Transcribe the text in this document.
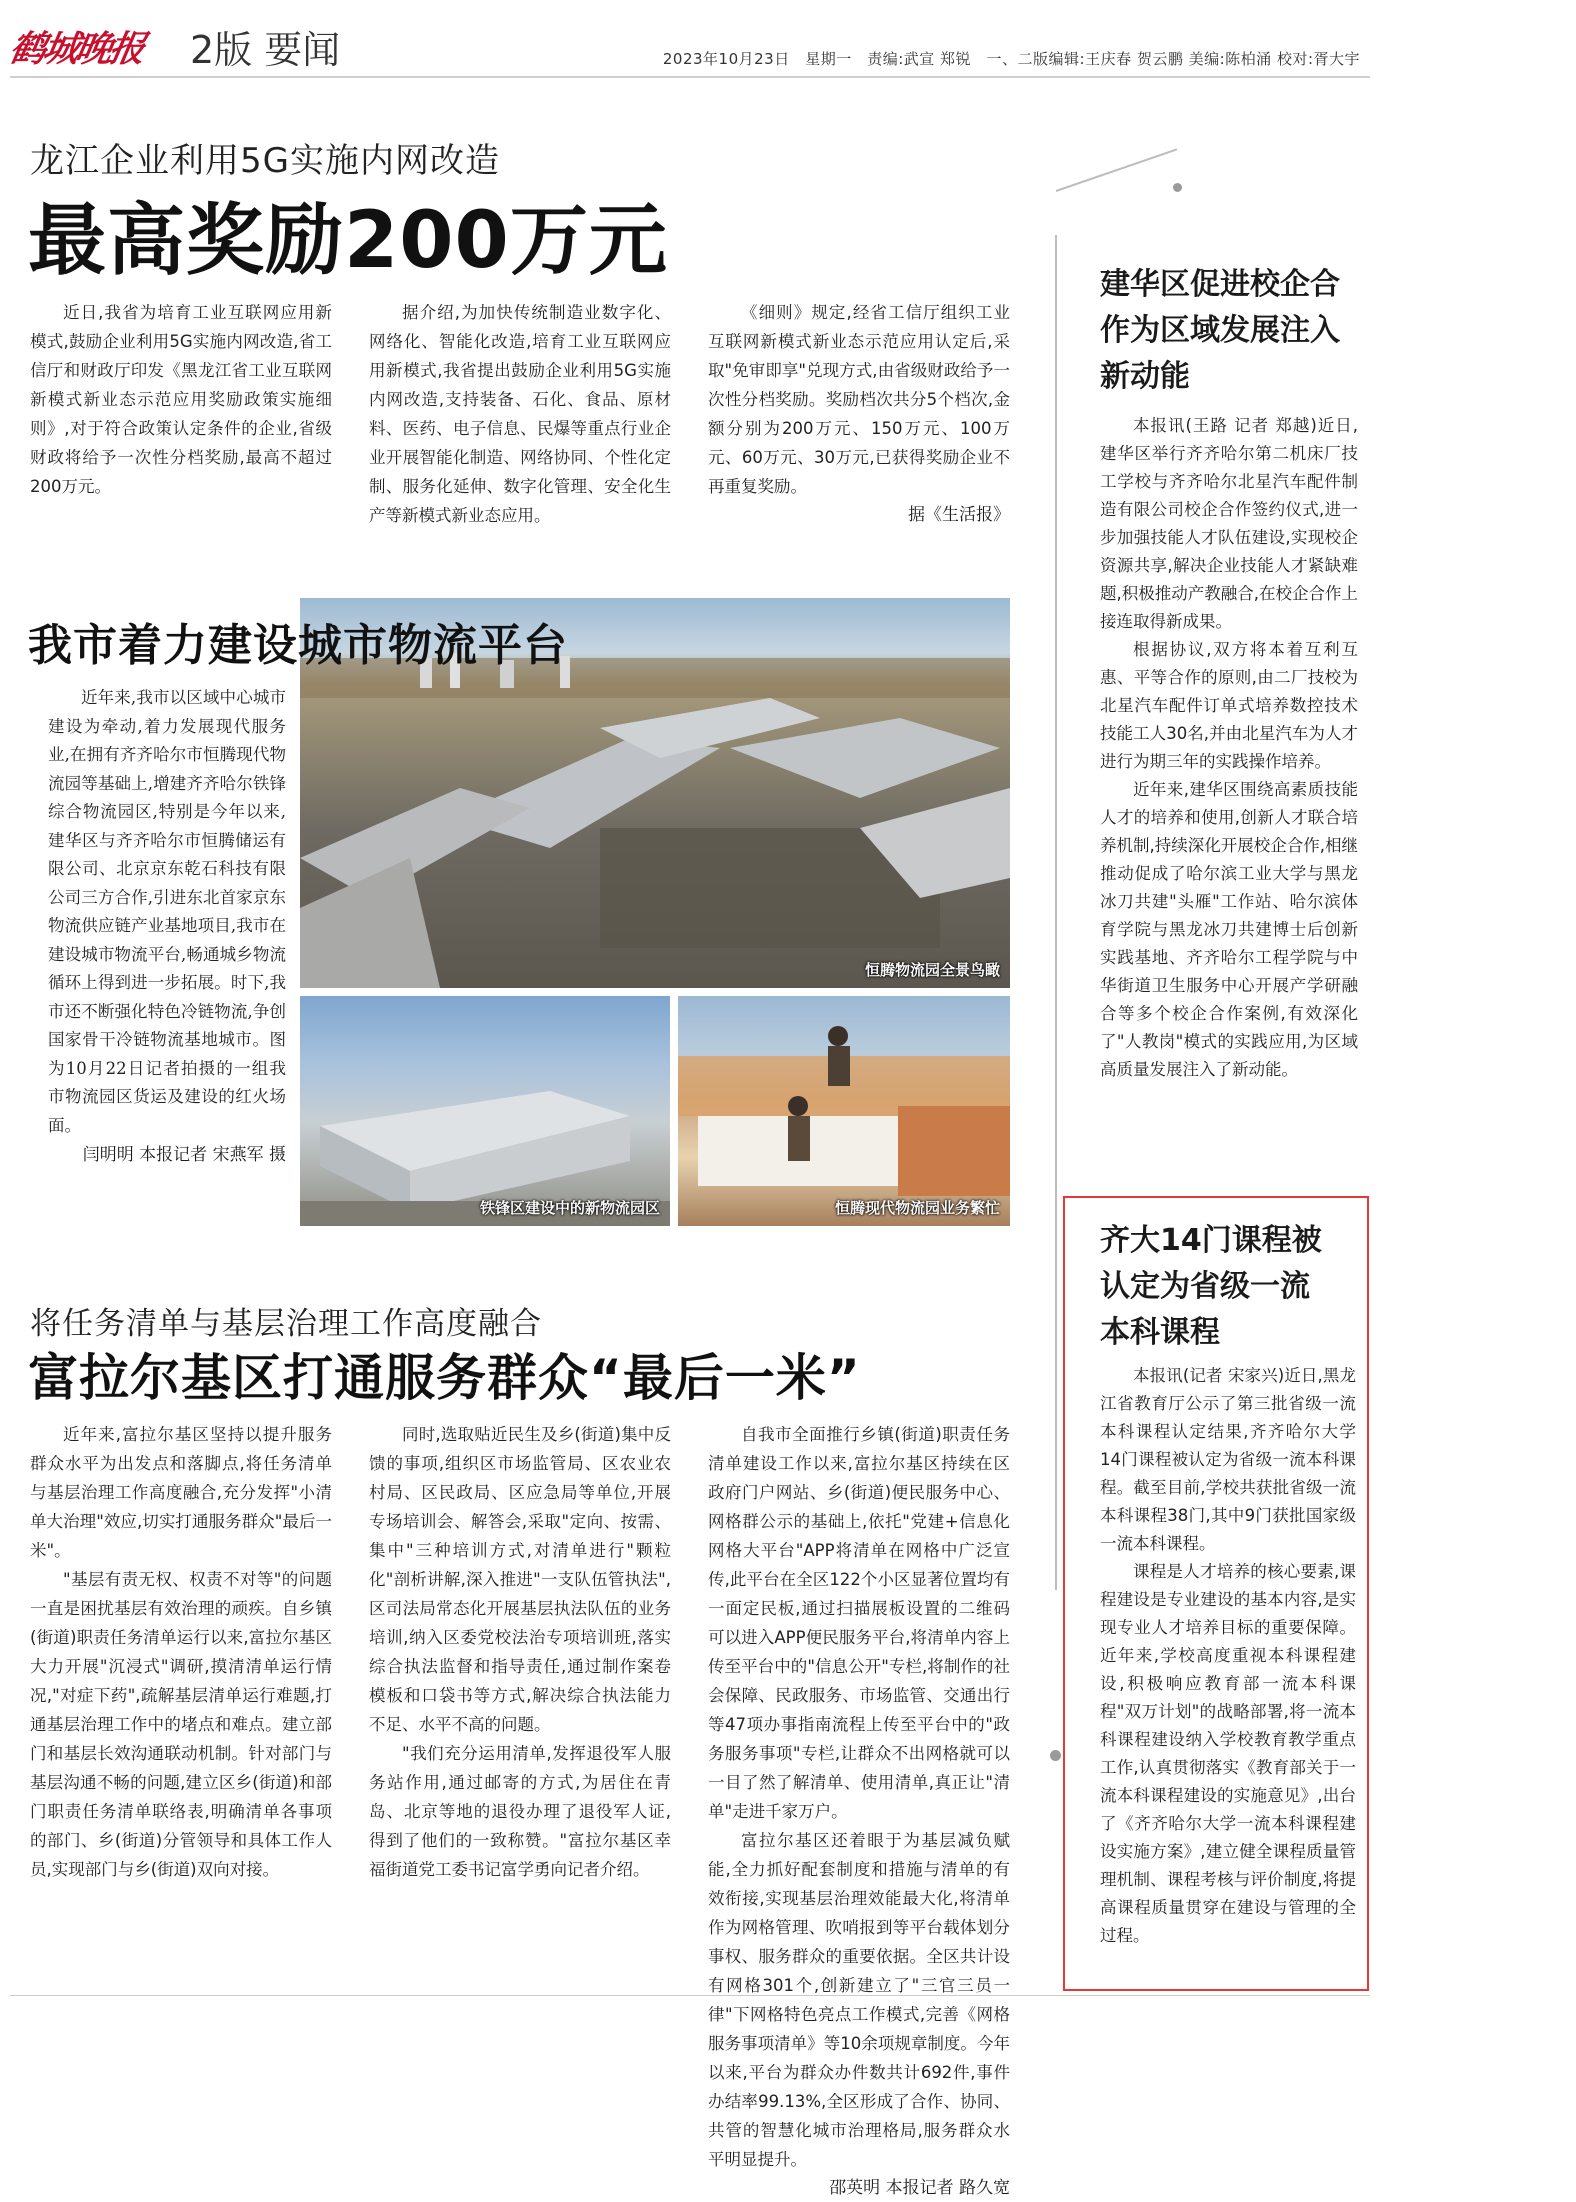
鹤城晚报	2版 要闻	2023年10月23日　星期一　责编:武宣 郑锐　一、二版编辑:王庆春 贺云鹏 美编:陈柏涌 校对:胥大宇
龙江企业利用5G实施内网改造
最高奖励200万元

近日,我省为培育工业互联网应用新模式,鼓励企业利用5G实施内网改造,省工信厅和财政厅印发《黑龙江省工业互联网新模式新业态示范应用奖励政策实施细则》,对于符合政策认定条件的企业,省级财政将给予一次性分档奖励,最高不超过200万元。

据介绍,为加快传统制造业数字化、网络化、智能化改造,培育工业互联网应用新模式,我省提出鼓励企业利用5G实施内网改造,支持装备、石化、食品、原材料、医药、电子信息、民爆等重点行业企业开展智能化制造、网络协同、个性化定制、服务化延伸、数字化管理、安全化生产等新模式新业态应用。

《细则》规定,经省工信厅组织工业互联网新模式新业态示范应用认定后,采取"免审即享"兑现方式,由省级财政给予一次性分档奖励。奖励档次共分5个档次,金额分别为200万元、150万元、100万元、60万元、30万元,已获得奖励企业不再重复奖励。

据《生活报》
恒腾物流园全景鸟瞰
铁锋区建设中的新物流园区	恒腾现代物流园业务繁忙
我市着力建设城市物流平台

近年来,我市以区域中心城市建设为牵动,着力发展现代服务业,在拥有齐齐哈尔市恒腾现代物流园等基础上,增建齐齐哈尔铁锋综合物流园区,特别是今年以来,建华区与齐齐哈尔市恒腾储运有限公司、北京京东乾石科技有限公司三方合作,引进东北首家京东物流供应链产业基地项目,我市在建设城市物流平台,畅通城乡物流循环上得到进一步拓展。时下,我市还不断强化特色冷链物流,争创国家骨干冷链物流基地城市。图为10月22日记者拍摄的一组我市物流园区货运及建设的红火场面。

闫明明 本报记者 宋燕军 摄
将任务清单与基层治理工作高度融合
富拉尔基区打通服务群众“最后一米”

近年来,富拉尔基区坚持以提升服务群众水平为出发点和落脚点,将任务清单与基层治理工作高度融合,充分发挥"小清单大治理"效应,切实打通服务群众"最后一米"。

"基层有责无权、权责不对等"的问题一直是困扰基层有效治理的顽疾。自乡镇(街道)职责任务清单运行以来,富拉尔基区大力开展"沉浸式"调研,摸清清单运行情况,"对症下药",疏解基层清单运行难题,打通基层治理工作中的堵点和难点。建立部门和基层长效沟通联动机制。针对部门与基层沟通不畅的问题,建立区乡(街道)和部门职责任务清单联络表,明确清单各事项的部门、乡(街道)分管领导和具体工作人员,实现部门与乡(街道)双向对接。

同时,选取贴近民生及乡(街道)集中反馈的事项,组织区市场监管局、区农业农村局、区民政局、区应急局等单位,开展专场培训会、解答会,采取"定向、按需、集中"三种培训方式,对清单进行"颗粒化"剖析讲解,深入推进"一支队伍管执法",区司法局常态化开展基层执法队伍的业务培训,纳入区委党校法治专项培训班,落实综合执法监督和指导责任,通过制作案卷模板和口袋书等方式,解决综合执法能力不足、水平不高的问题。

"我们充分运用清单,发挥退役军人服务站作用,通过邮寄的方式,为居住在青岛、北京等地的退役办理了退役军人证,得到了他们的一致称赞。"富拉尔基区幸福街道党工委书记富学勇向记者介绍。

自我市全面推行乡镇(街道)职责任务清单建设工作以来,富拉尔基区持续在区政府门户网站、乡(街道)便民服务中心、网格群公示的基础上,依托"党建+信息化网格大平台"APP将清单在网格中广泛宣传,此平台在全区122个小区显著位置均有一面定民板,通过扫描展板设置的二维码可以进入APP便民服务平台,将清单内容上传至平台中的"信息公开"专栏,将制作的社会保障、民政服务、市场监管、交通出行等47项办事指南流程上传至平台中的"政务服务事项"专栏,让群众不出网格就可以一目了然了解清单、使用清单,真正让"清单"走进千家万户。

富拉尔基区还着眼于为基层减负赋能,全力抓好配套制度和措施与清单的有效衔接,实现基层治理效能最大化,将清单作为网格管理、吹哨报到等平台载体划分事权、服务群众的重要依据。全区共计设有网格301个,创新建立了"三官三员一律"下网格特色亮点工作模式,完善《网格服务事项清单》等10余项规章制度。今年以来,平台为群众办件数共计692件,事件办结率99.13%,全区形成了合作、协同、共管的智慧化城市治理格局,服务群众水平明显提升。

邵英明 本报记者 路久宽
建华区促进校企合作为区域发展注入新动能

本报讯(王路 记者 郑越)近日,建华区举行齐齐哈尔第二机床厂技工学校与齐齐哈尔北星汽车配件制造有限公司校企合作签约仪式,进一步加强技能人才队伍建设,实现校企资源共享,解决企业技能人才紧缺难题,积极推动产教融合,在校企合作上接连取得新成果。

根据协议,双方将本着互利互惠、平等合作的原则,由二厂技校为北星汽车配件订单式培养数控技术技能工人30名,并由北星汽车为人才进行为期三年的实践操作培养。

近年来,建华区围绕高素质技能人才的培养和使用,创新人才联合培养机制,持续深化开展校企合作,相继推动促成了哈尔滨工业大学与黑龙冰刀共建"头雁"工作站、哈尔滨体育学院与黑龙冰刀共建博士后创新实践基地、齐齐哈尔工程学院与中华街道卫生服务中心开展产学研融合等多个校企合作案例,有效深化了"人教岗"模式的实践应用,为区域高质量发展注入了新动能。

齐大14门课程被认定为省级一流本科课程

本报讯(记者 宋家兴)近日,黑龙江省教育厅公示了第三批省级一流本科课程认定结果,齐齐哈尔大学14门课程被认定为省级一流本科课程。截至目前,学校共获批省级一流本科课程38门,其中9门获批国家级一流本科课程。

课程是人才培养的核心要素,课程建设是专业建设的基本内容,是实现专业人才培养目标的重要保障。近年来,学校高度重视本科课程建设,积极响应教育部一流本科课程"双万计划"的战略部署,将一流本科课程建设纳入学校教育教学重点工作,认真贯彻落实《教育部关于一流本科课程建设的实施意见》,出台了《齐齐哈尔大学一流本科课程建设实施方案》,建立健全课程质量管理机制、课程考核与评价制度,将提高课程质量贯穿在建设与管理的全过程。
